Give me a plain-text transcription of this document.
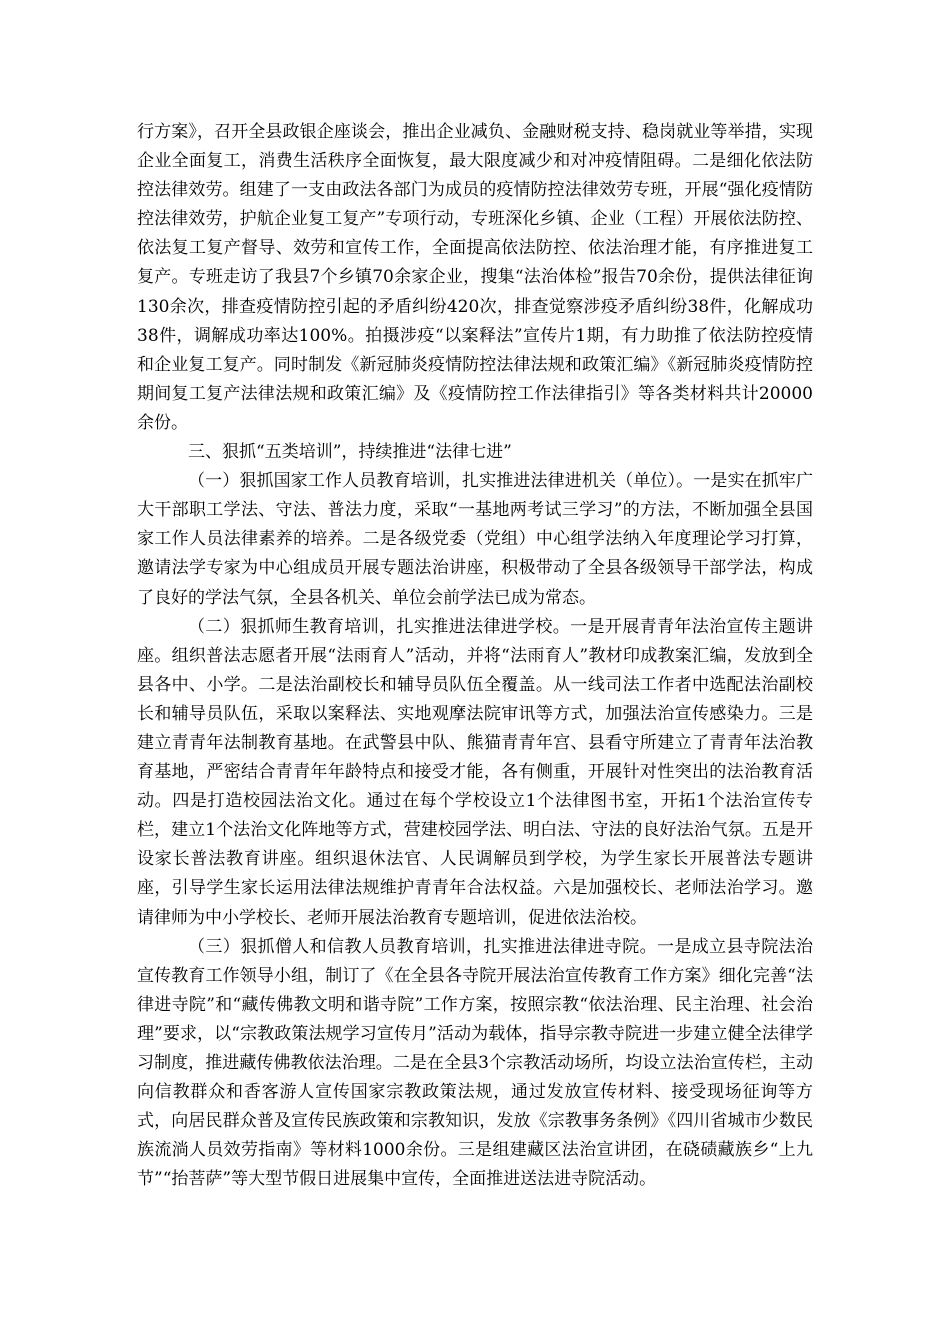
行方案》，召开全县政银企座谈会，推出企业减负、金融财税支持、稳岗就业等举措，实现企业全面复工，消费生活秩序全面恢复，最大限度减少和对冲疫情阻碍。二是细化依法防控法律效劳。组建了一支由政法各部门为成员的疫情防控法律效劳专班，开展“强化疫情防控法律效劳，护航企业复工复产”专项行动，专班深化乡镇、企业（工程）开展依法防控、依法复工复产督导、效劳和宣传工作，全面提高依法防控、依法治理才能，有序推进复工复产。专班走访了我县7个乡镇70余家企业，搜集“法治体检”报告70余份，提供法律征询130余次，排查疫情防控引起的矛盾纠纷420次，排查觉察涉疫矛盾纠纷38件，化解成功38件，调解成功率达100%。拍摄涉疫“以案释法”宣传片1期，有力助推了依法防控疫情和企业复工复产。同时制发《新冠肺炎疫情防控法律法规和政策汇编》《新冠肺炎疫情防控期间复工复产法律法规和政策汇编》及《疫情防控工作法律指引》等各类材料共计20000余份。

三、狠抓“五类培训”，持续推进“法律七进”

（一）狠抓国家工作人员教育培训，扎实推进法律进机关（单位）。一是实在抓牢广大干部职工学法、守法、普法力度，采取“一基地两考试三学习”的方法，不断加强全县国家工作人员法律素养的培养。二是各级党委（党组）中心组学法纳入年度理论学习打算，邀请法学专家为中心组成员开展专题法治讲座，积极带动了全县各级领导干部学法，构成了良好的学法气氛，全县各机关、单位会前学法已成为常态。

（二）狠抓师生教育培训，扎实推进法律进学校。一是开展青青年法治宣传主题讲座。组织普法志愿者开展“法雨育人”活动，并将“法雨育人”教材印成教案汇编，发放到全县各中、小学。二是法治副校长和辅导员队伍全覆盖。从一线司法工作者中选配法治副校长和辅导员队伍，采取以案释法、实地观摩法院审讯等方式，加强法治宣传感染力。三是建立青青年法制教育基地。在武警县中队、熊猫青青年宫、县看守所建立了青青年法治教育基地，严密结合青青年年龄特点和接受才能，各有侧重，开展针对性突出的法治教育活动。四是打造校园法治文化。通过在每个学校设立1个法律图书室，开拓1个法治宣传专栏，建立1个法治文化阵地等方式，营建校园学法、明白法、守法的良好法治气氛。五是开设家长普法教育讲座。组织退休法官、人民调解员到学校，为学生家长开展普法专题讲座，引导学生家长运用法律法规维护青青年合法权益。六是加强校长、老师法治学习。邀请律师为中小学校长、老师开展法治教育专题培训，促进依法治校。

（三）狠抓僧人和信教人员教育培训，扎实推进法律进寺院。一是成立县寺院法治宣传教育工作领导小组，制订了《在全县各寺院开展法治宣传教育工作方案》细化完善“法律进寺院”和“藏传佛教文明和谐寺院”工作方案，按照宗教“依法治理、民主治理、社会治理”要求，以“宗教政策法规学习宣传月”活动为载体，指导宗教寺院进一步建立健全法律学习制度，推进藏传佛教依法治理。二是在全县3个宗教活动场所，均设立法治宣传栏，主动向信教群众和香客游人宣传国家宗教政策法规，通过发放宣传材料、接受现场征询等方式，向居民群众普及宣传民族政策和宗教知识，发放《宗教事务条例》《四川省城市少数民族流淌人员效劳指南》等材料1000余份。三是组建藏区法治宣讲团，在硗碛藏族乡“上九节”“抬菩萨”等大型节假日进展集中宣传，全面推进送法进寺院活动。
